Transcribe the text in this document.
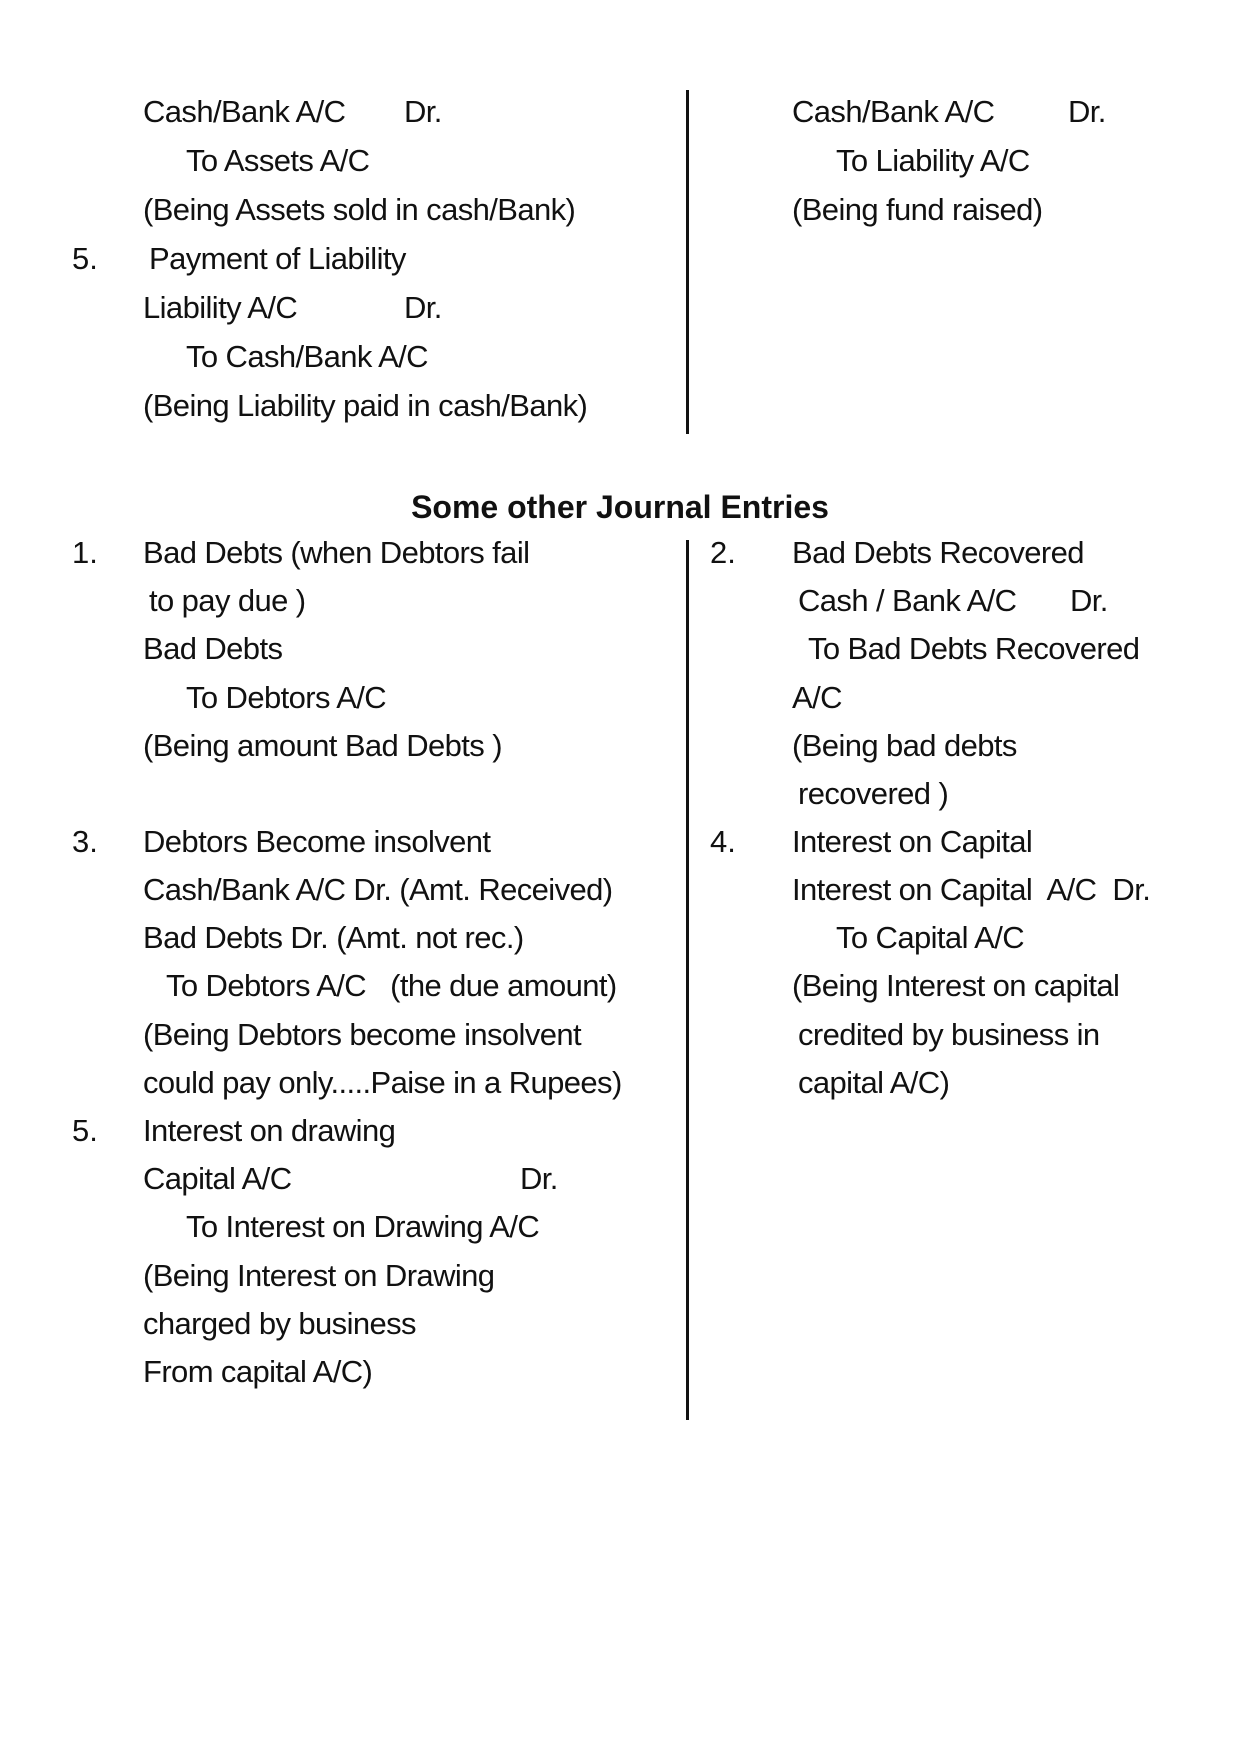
Cash/Bank A/C Dr.
To Assets A/C
(Being Assets sold in cash/Bank)
5. Payment of Liability
Liability A/C	Dr.
To Cash/Bank A/C
(Being Liability paid in cash/Bank)
Cash/Bank A/C Dr.
To Liability A/C
(Being fund raised)
Some other Journal Entries
1. Bad Debts (when Debtors fail
to pay due )
Bad Debts
To Debtors A/C
(Being amount Bad Debts )
2. Bad Debts Recovered
Cash / Bank A/C Dr.
To Bad Debts Recovered
A/C
(Being bad debts
recovered )
3. Debtors Become insolvent
Cash/Bank A/C Dr. (Amt. Received)
Bad Debts Dr. (Amt. not rec.)
To Debtors A/C   (the due amount)
(Being Debtors become insolvent
could pay only.....Paise in a Rupees)
4. Interest on Capital
Interest on Capital  A/C  Dr.
To Capital A/C
(Being Interest on capital
credited by business in
capital A/C)
5. Interest on drawing
Capital A/C	Dr.
To Interest on Drawing A/C
(Being Interest on Drawing
charged by business
From capital A/C)
